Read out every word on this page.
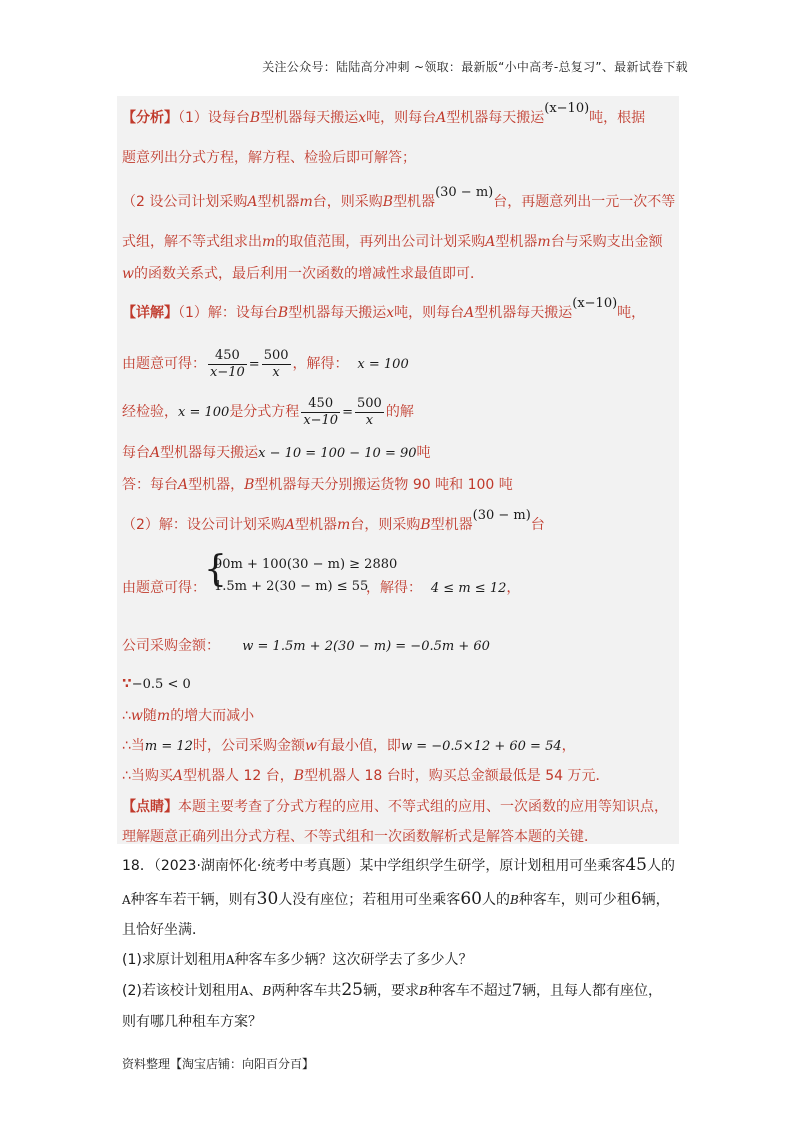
关注公众号：陆陆高分冲刺 ~领取：最新版“小中高考-总复习”、最新试卷下载
【分析】（1）设每台B型机器每天搬运x吨，则每台A型机器每天搬运(x−10)吨，根据
题意列出分式方程，解方程、检验后即可解答；
（2 设公司计划采购A型机器m台，则采购B型机器(30 − m)台，再题意列出一元一次不等
式组，解不等式组求出m的取值范围，再列出公司计划采购A型机器m台与采购支出金额
w的函数关系式，最后利用一次函数的增减性求最值即可．
【详解】（1）解：设每台B型机器每天搬运x吨，则每台A型机器每天搬运(x−10)吨，
由题意可得： $\frac{450}{x-10} = \frac{500}{x}$ ，解得： x = 100
经检验，x = 100是分式方程 $\frac{450}{x-10} = \frac{500}{x}$ 的解
每台A型机器每天搬运x − 10 = 100 − 10 = 90吨
答：每台A型机器，B型机器每天分别搬运货物 90 吨和 100 吨
（2）解：设公司计划采购A型机器m台，则采购B型机器(30 − m)台
由题意可得：
{
90m + 100(30 − m) ≥ 2880
1.5m + 2(30 − m) ≤ 55
，解得： 4 ≤ m ≤ 12，
公司采购金额： w = 1.5m + 2(30 − m) = −0.5m + 60
∵−0.5 < 0
∴w随m的增大而减小
∴当m = 12时，公司采购金额w有最小值，即w = −0.5×12 + 60 = 54，
∴当购买A型机器人 12 台，B型机器人 18 台时，购买总金额最低是 54 万元．
【点睛】本题主要考查了分式方程的应用、不等式组的应用、一次函数的应用等知识点，
理解题意正确列出分式方程、不等式组和一次函数解析式是解答本题的关键．
18．（2023·湖南怀化·统考中考真题）某中学组织学生研学，原计划租用可坐乘客45人的
A种客车若干辆，则有30人没有座位；若租用可坐乘客60人的B种客车，则可少租6辆，
且恰好坐满．
(1)求原计划租用A种客车多少辆？这次研学去了多少人？
(2)若该校计划租用A、B两种客车共25辆，要求B种客车不超过7辆，且每人都有座位，
则有哪几种租车方案？
资料整理【淘宝店铺：向阳百分百】
